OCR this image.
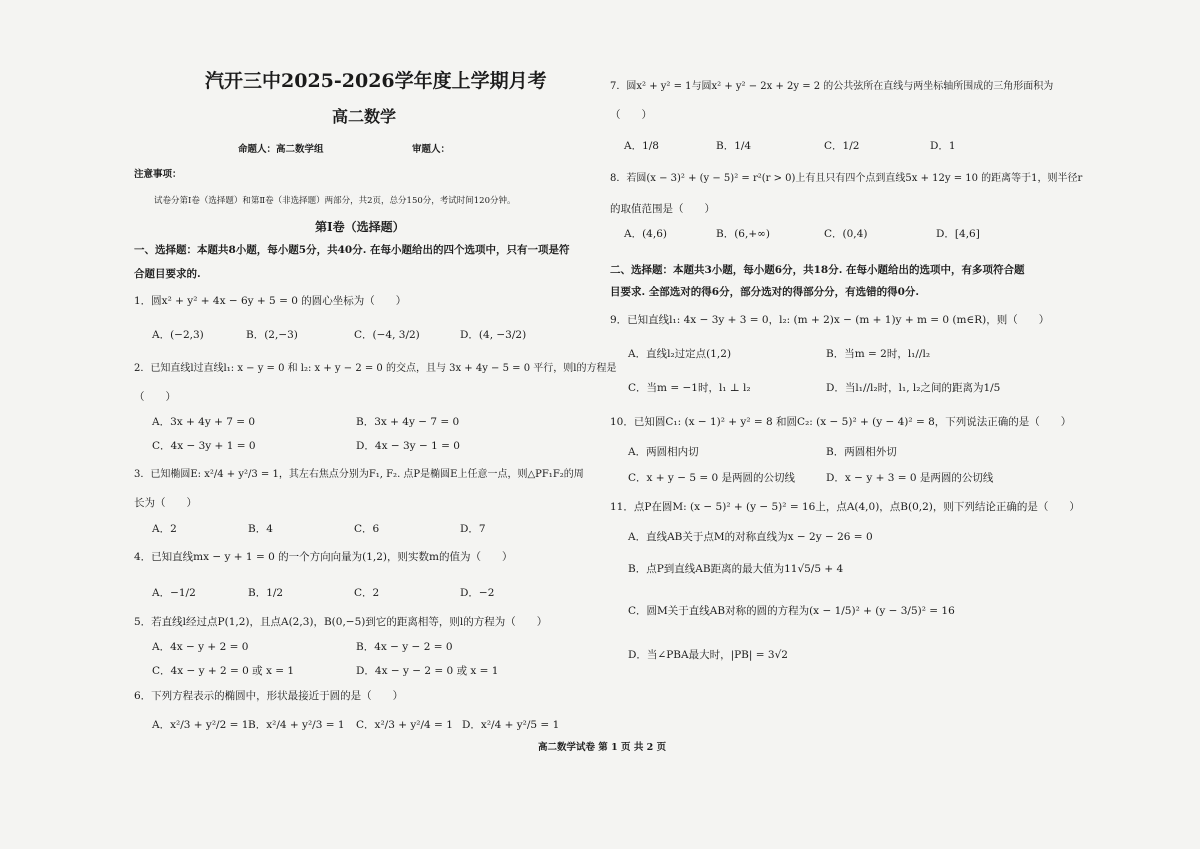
汽开三中2025-2026学年度上学期月考
高二数学
命题人：高二数学组	审题人：
注意事项：
试卷分第Ⅰ卷（选择题）和第Ⅱ卷（非选择题）两部分，共2页，总分150分，考试时间120分钟。
第Ⅰ卷（选择题）
一、选择题：本题共8小题，每小题5分，共40分. 在每小题给出的四个选项中，只有一项是符
合题目要求的.
1．圆x² + y² + 4x − 6y + 5 = 0 的圆心坐标为（　　）
A．(−2,3)	B．(2,−3)	C．(−4, 3/2)	D．(4, −3/2)
2．已知直线l过直线l₁: x − y = 0 和 l₂: x + y − 2 = 0 的交点，且与 3x + 4y − 5 = 0 平行，则l的方程是
（　　）
A．3x + 4y + 7 = 0	B．3x + 4y − 7 = 0
C．4x − 3y + 1 = 0	D．4x − 3y − 1 = 0
3．已知椭圆E: x²/4 + y²/3 = 1，其左右焦点分别为F₁, F₂. 点P是椭圆E上任意一点，则△PF₁F₂的周
长为（　　）
A．2	B．4	C．6	D．7
4．已知直线mx − y + 1 = 0 的一个方向向量为(1,2)，则实数m的值为（　　）
A．−1/2	B．1/2	C．2	D．−2
5．若直线l经过点P(1,2)，且点A(2,3)，B(0,−5)到它的距离相等，则l的方程为（　　）
A．4x − y + 2 = 0	B．4x − y − 2 = 0
C．4x − y + 2 = 0 或 x = 1	D．4x − y − 2 = 0 或 x = 1
6．下列方程表示的椭圆中，形状最接近于圆的是（　　）
A．x²/3 + y²/2 = 1 B．x²/4 + y²/3 = 1 C．x²/3 + y²/4 = 1 D．x²/4 + y²/5 = 1
7．圆x² + y² = 1与圆x² + y² − 2x + 2y = 2 的公共弦所在直线与两坐标轴所围成的三角形面积为
（　　）
A．1/8	B．1/4	C．1/2	D．1
8．若圆(x − 3)² + (y − 5)² = r²(r > 0)上有且只有四个点到直线5x + 12y = 10 的距离等于1，则半径r
的取值范围是（　　）
A．(4,6)	B．(6,+∞)	C．(0,4)	D．[4,6]
二、选择题：本题共3小题，每小题6分，共18分. 在每小题给出的选项中，有多项符合题
目要求. 全部选对的得6分，部分选对的得部分分，有选错的得0分.
9．已知直线l₁: 4x − 3y + 3 = 0，l₂: (m + 2)x − (m + 1)y + m = 0 (m∈R)，则（　　）
A．直线l₂过定点(1,2)	B．当m = 2时，l₁//l₂
C．当m = −1时，l₁ ⊥ l₂	D．当l₁//l₂时，l₁, l₂之间的距离为1/5
10．已知圆C₁: (x − 1)² + y² = 8 和圆C₂: (x − 5)² + (y − 4)² = 8，下列说法正确的是（　　）
A．两圆相内切	B．两圆相外切
C．x + y − 5 = 0 是两圆的公切线	D．x − y + 3 = 0 是两圆的公切线
11．点P在圆M: (x − 5)² + (y − 5)² = 16上，点A(4,0)，点B(0,2)，则下列结论正确的是（　　）
A．直线AB关于点M的对称直线为x − 2y − 26 = 0
B．点P到直线AB距离的最大值为11√5/5 + 4
C．圆M关于直线AB对称的圆的方程为(x − 1/5)² + (y − 3/5)² = 16
D．当∠PBA最大时，|PB| = 3√2
高二数学试卷 第 1 页 共 2 页
